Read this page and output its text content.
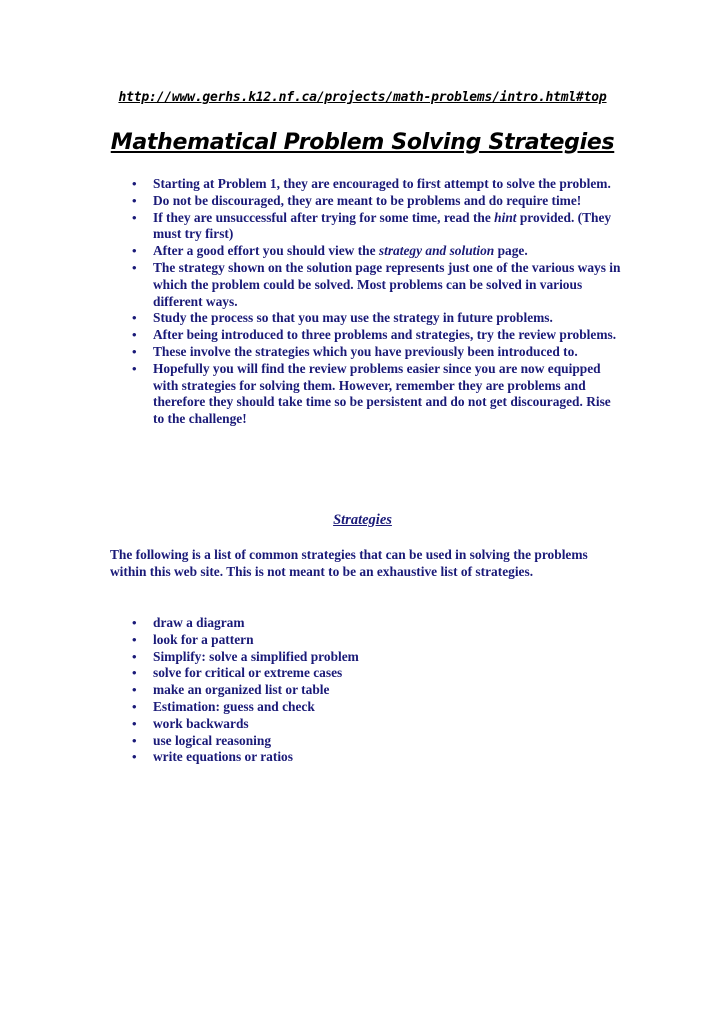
http://www.gerhs.k12.nf.ca/projects/math-problems/intro.html#top
Mathematical Problem Solving Strategies
• Starting at Problem 1, they are encouraged to first attempt to solve the problem.
• Do not be discouraged, they are meant to be problems and do require time!
• If they are unsuccessful after trying for some time, read the hint provided. (They must try first)
• After a good effort you should view the strategy and solution page.
• The strategy shown on the solution page represents just one of the various ways in which the problem could be solved. Most problems can be solved in various different ways.
• Study the process so that you may use the strategy in future problems.
• After being introduced to three problems and strategies, try the review problems.
• These involve the strategies which you have previously been introduced to.
• Hopefully you will find the review problems easier since you are now equipped with strategies for solving them. However, remember they are problems and therefore they should take time so be persistent and do not get discouraged. Rise to the challenge!
Strategies
The following is a list of common strategies that can be used in solving the problems within this web site. This is not meant to be an exhaustive list of strategies.
• draw a diagram
• look for a pattern
• Simplify: solve a simplified problem
• solve for critical or extreme cases
• make an organized list or table
• Estimation: guess and check
• work backwards
• use logical reasoning
• write equations or ratios
